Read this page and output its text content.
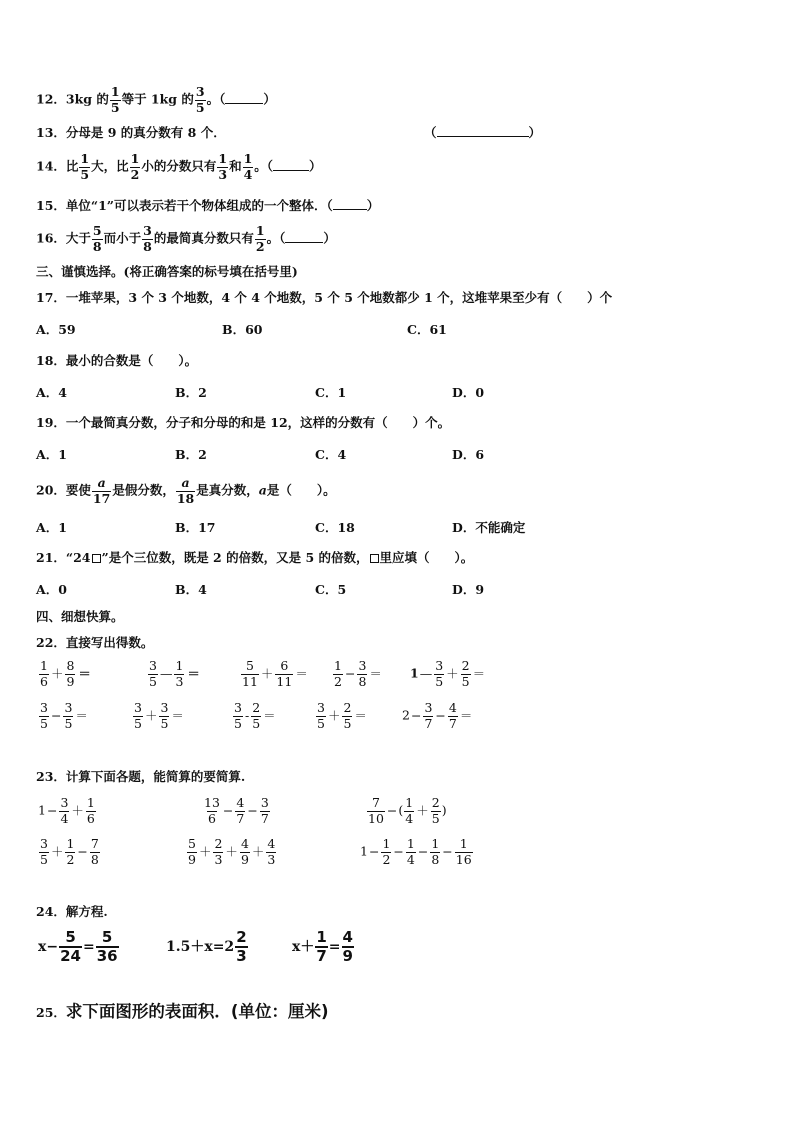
12．3kg 的 $\frac{1}{5}$ 等于 1kg 的 $\frac{3}{5}$ 。（	）
13．分母是 9 的真分数有 8 个．	（	）
14．比 $\frac{1}{5}$ 大，比 $\frac{1}{2}$ 小的分数只有 $\frac{1}{3}$ 和 $\frac{1}{4}$ 。（	）
15．单位“1”可以表示若干个物体组成的一个整体．（	）
16．大于 $\frac{5}{8}$ 而小于 $\frac{3}{8}$ 的最简真分数只有 $\frac{1}{2}$ 。（	）
三、谨慎选择。(将正确答案的标号填在括号里)
17．一堆苹果，3 个 3 个地数，4 个 4 个地数，5 个 5 个地数都少 1 个，这堆苹果至少有（　　）个
A．59	B．60	C．61
18．最小的合数是（　　）。
A．4	B．2	C．1	D．0
19．一个最简真分数，分子和分母的和是 12，这样的分数有（　　）个。
A．1	B．2	C．4	D．6
20．要使 $\frac{a}{17}$ 是假分数， $\frac{a}{18}$ 是真分数，a是（　　）。
A．1	B．17	C．18	D．不能确定
21．“24 ”是个三位数，既是 2 的倍数，又是 5 的倍数， 里应填（　　）。
A．0	B．4	C．5	D．9
四、细想快算。
22．直接写出得数。
$\frac{1}{6} + \frac{8}{9}$ ＝	$\frac{3}{5}$ — $\frac{1}{3}$ ＝	$\frac{5}{11} + \frac{6}{11} = \frac{1}{2} - \frac{3}{8}$ ＝ 1— $\frac{3}{5} + \frac{2}{5}$ ＝
$\frac{3}{5} - \frac{3}{5}$ ＝	$\frac{3}{5} + \frac{3}{5}$ ＝	$\frac{3}{5} - \frac{2}{5}$ ＝	$\frac{3}{5} + \frac{2}{5}$ ＝	$2- \frac{3}{7} - \frac{4}{7}$ ＝
23．计算下面各题，能简算的要简算.
$1- \frac{3}{4} + \frac{1}{6}$	$\frac{13}{6} - \frac{4}{7} - \frac{3}{7}$	$\frac{7}{10}$ −( $\frac{1}{4} + \frac{2}{5}$ )
$\frac{3}{5} + \frac{1}{2} - \frac{7}{8}$	$\frac{5}{9} + \frac{2}{3} + \frac{4}{9} + \frac{4}{3}$	$1- \frac{1}{2} - \frac{1}{4} - \frac{1}{8} - \frac{1}{16}$
24．解方程.
$x- \frac{5}{24} = \frac{5}{36}$	$1.5+x=2 \frac{2}{3}$	$x+ \frac{1}{7} = \frac{4}{9}$
25．求下面图形的表面积．(单位：厘米)
